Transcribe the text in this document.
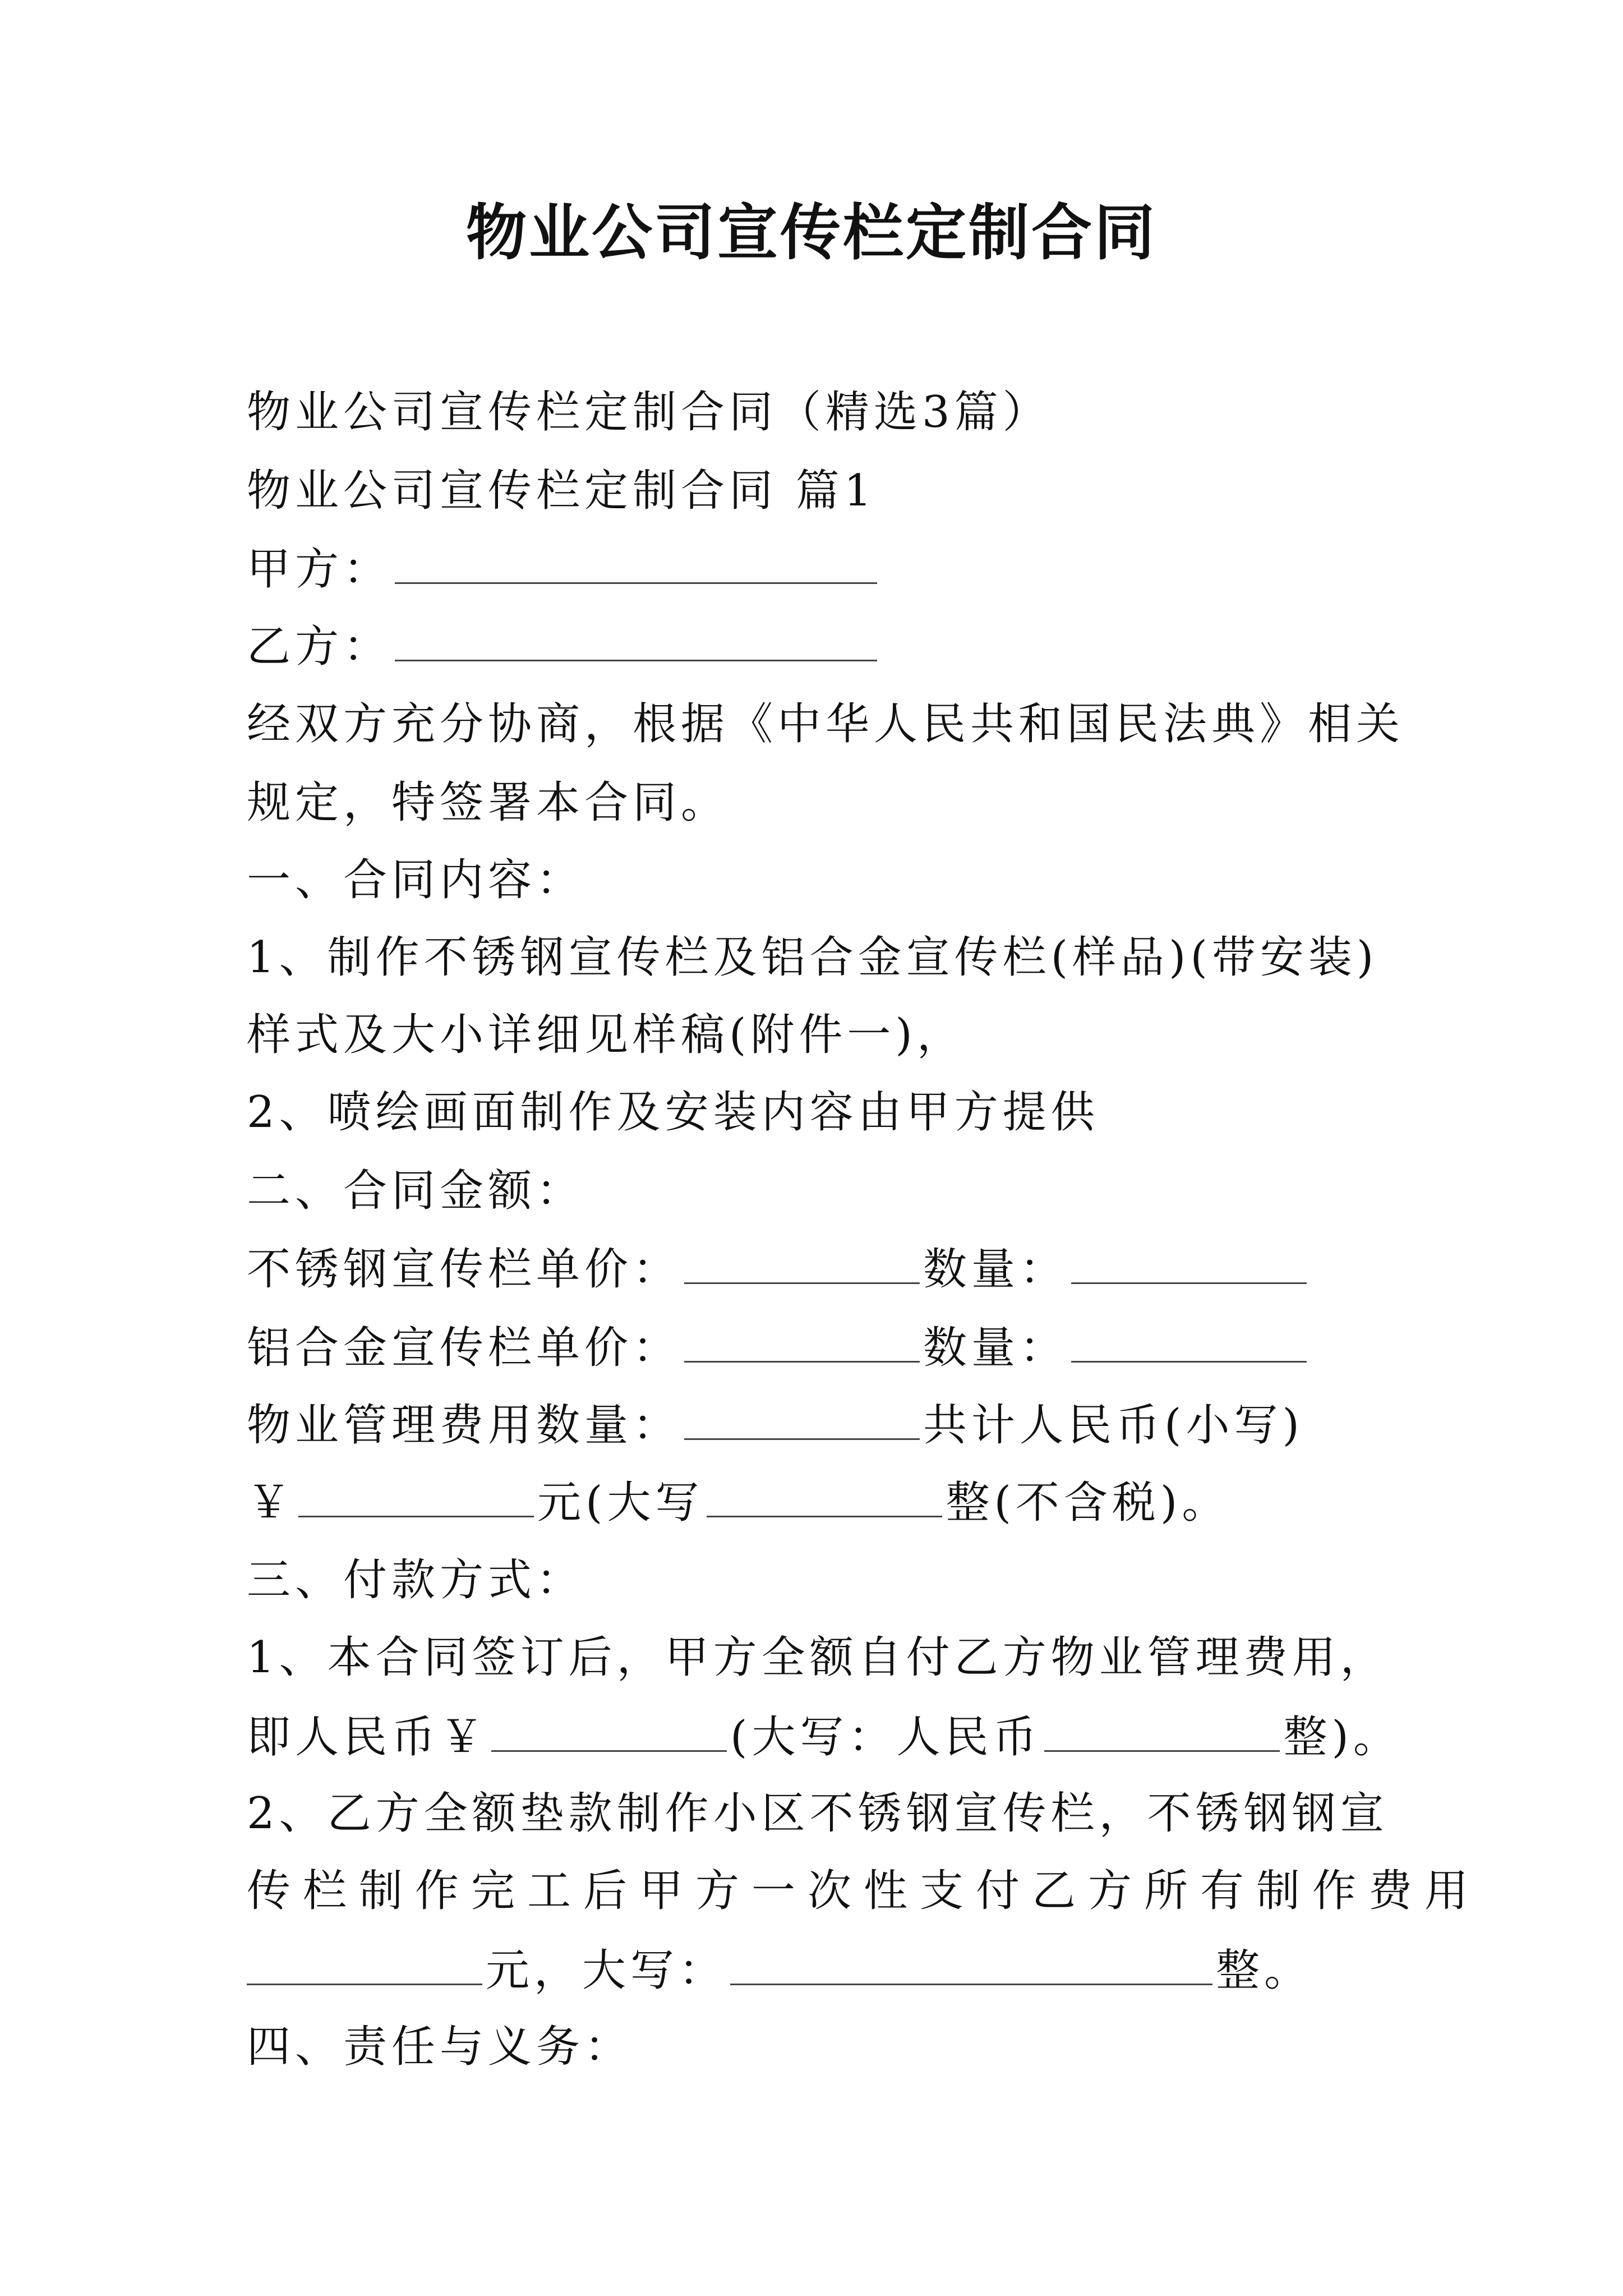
物业公司宣传栏定制合同
物业公司宣传栏定制合同（精选3篇）
物业公司宣传栏定制合同 篇1
甲方：
乙方：
经双方充分协商，根据《中华人民共和国民法典》相关
规定，特签署本合同。
一、合同内容：
1、制作不锈钢宣传栏及铝合金宣传栏(样品)(带安装)
样式及大小详细见样稿(附件一)，
2、喷绘画面制作及安装内容由甲方提供
二、合同金额：
不锈钢宣传栏单价：	数量：
铝合金宣传栏单价：	数量：
物业管理费用数量：	共计人民币(小写)
￥	元(大写	整(不含税)。
三、付款方式：
1、本合同签订后，甲方全额自付乙方物业管理费用，
即人民币￥	(大写：人民币	整)。
2、乙方全额垫款制作小区不锈钢宣传栏，不锈钢钢宣
传栏制作完工后甲方一次性支付乙方所有制作费用
元，大写：	整。
四、责任与义务：
